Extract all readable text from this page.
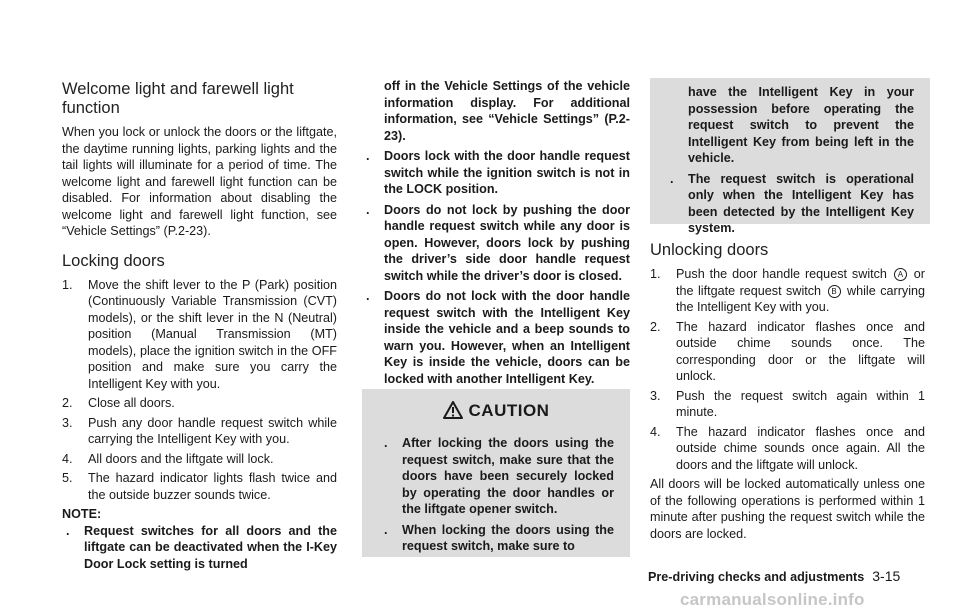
Welcome light and farewell light
function

When you lock or unlock the doors or the liftgate, the daytime running lights, parking lights and the tail lights will illuminate for a period of time. The welcome light and farewell light function can be disabled. For information about disabling the welcome light and farewell light function, see “Vehicle Settings” (P.2-23).

Locking doors
1. Move the shift lever to the P (Park) position (Continuously Variable Transmission (CVT) models), or the shift lever in the N (Neutral) position (Manual Transmission (MT) models), place the ignition switch in the OFF position and make sure you carry the Intelligent Key with you.
2. Close all doors.
3. Push any door handle request switch while carrying the Intelligent Key with you.
4. All doors and the liftgate will lock.
5. The hazard indicator lights flash twice and the outside buzzer sounds twice.

NOTE:

. Request switches for all doors and the liftgate can be deactivated when the I-Key Door Lock setting is turned

off in the Vehicle Settings of the vehicle information display. For additional information, see “Vehicle Settings” (P.2-23).

. Doors lock with the door handle request switch while the ignition switch is not in the LOCK position.
. Doors do not lock by pushing the door handle request switch while any door is open. However, doors lock by pushing the driver’s side door handle request switch while the driver’s door is closed.
. Doors do not lock with the door handle request switch with the Intelligent Key inside the vehicle and a beep sounds to warn you. However, when an Intelligent Key is inside the vehicle, doors can be locked with another Intelligent Key.
CAUTION
. After locking the doors using the request switch, make sure that the doors have been securely locked by operating the door handles or the liftgate opener switch.
. When locking the doors using the request switch, make sure to

have the Intelligent Key in your possession before operating the request switch to prevent the Intelligent Key from being left in the vehicle.

. The request switch is operational only when the Intelligent Key has been detected by the Intelligent Key system.
Unlocking doors
1. Push the door handle request switch A or the liftgate request switch B while carrying the Intelligent Key with you.
2. The hazard indicator flashes once and outside chime sounds once. The corresponding door or the liftgate will unlock.
3. Push the request switch again within 1 minute.
4. The hazard indicator flashes once and outside chime sounds once again. All the doors and the liftgate will unlock.

All doors will be locked automatically unless one of the following operations is performed within 1 minute after pushing the request switch while the doors are locked.

Pre-driving checks and adjustments 3-15
carmanualsonline.info
